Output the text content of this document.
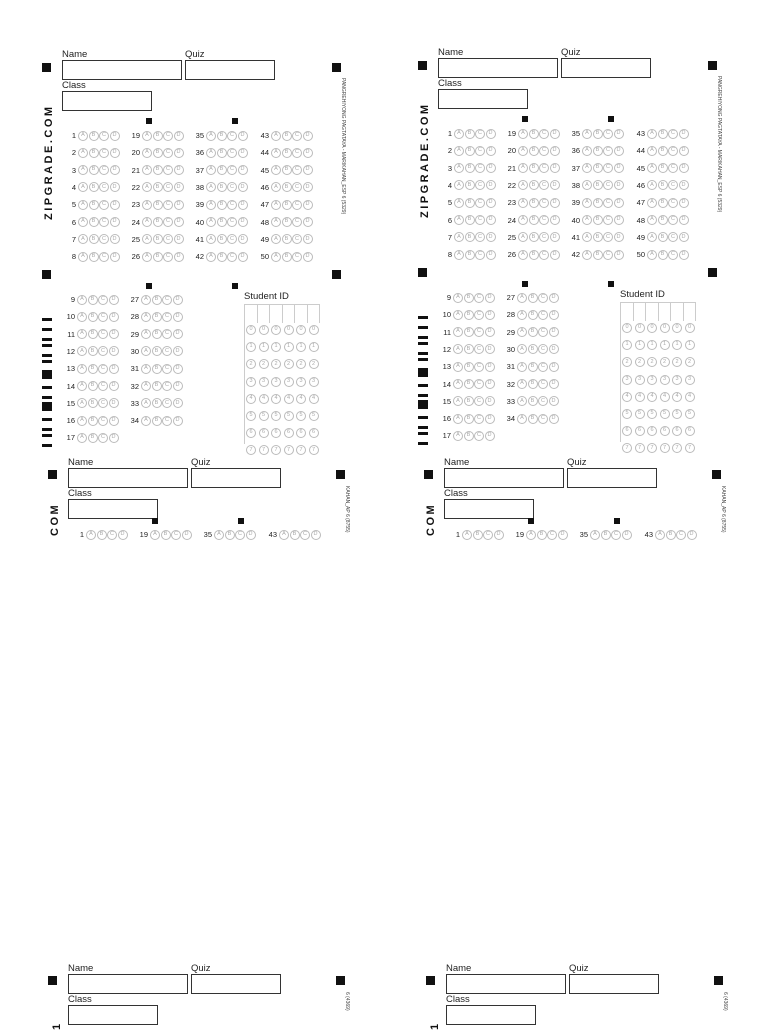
Name	Quiz
Class
ZIPGRADE.COM	PANGREHIYONG PAGTATAYA - MARIKAHAN_ESP 6 (5329)
1 A	B	C	D
2 A	B	C	D
3 A	B	C	D
4 A	B	C	D
5 A	B	C	D
6 A	B	C	D
7 A	B	C	D
8 A	B	C	D
19 A	B	C	D
20 A	B	C	D
21 A	B	C	D
22 A	B	C	D
23 A	B	C	D
24 A	B	C	D
25 A	B	C	D
26 A	B	C	D
35 A	B	C	D
36 A	B	C	D
37 A	B	C	D
38 A	B	C	D
39 A	B	C	D
40 A	B	C	D
41 A	B	C	D
42 A	B	C	D
43 A	B	C	D
44 A	B	C	D
45 A	B	C	D
46 A	B	C	D
47 A	B	C	D
48 A	B	C	D
49 A	B	C	D
50 A	B	C	D
9 A	B	C	D
10 A	B	C	D
11 A	B	C	D
12 A	B	C	D
13 A	B	C	D
14 A	B	C	D
15 A	B	C	D
16 A	B	C	D
17 A	B	C	D
27 A	B	C	D
28 A	B	C	D
29 A	B	C	D
30 A	B	C	D
31 A	B	C	D
32 A	B	C	D
33 A	B	C	D
34 A	B	C	D
Student ID
0	0	0	0	0	0
1	1	1	1	1	1
2	2	2	2	2	2
3	3	3	3	3	3
4	4	4	4	4	4
5	5	5	5	5	5
6	6	6	6	6	6
7	7	7	7	7	7
Name	Quiz
Class
ZIPGRADE.COM	PANGREHIYONG PAGTATAYA - MARIKAHAN_ESP 6 (5329)
1 A	B	C	D
2 A	B	C	D
3 A	B	C	D
4 A	B	C	D
5 A	B	C	D
6 A	B	C	D
7 A	B	C	D
8 A	B	C	D
19 A	B	C	D
20 A	B	C	D
21 A	B	C	D
22 A	B	C	D
23 A	B	C	D
24 A	B	C	D
25 A	B	C	D
26 A	B	C	D
35 A	B	C	D
36 A	B	C	D
37 A	B	C	D
38 A	B	C	D
39 A	B	C	D
40 A	B	C	D
41 A	B	C	D
42 A	B	C	D
43 A	B	C	D
44 A	B	C	D
45 A	B	C	D
46 A	B	C	D
47 A	B	C	D
48 A	B	C	D
49 A	B	C	D
50 A	B	C	D
9 A	B	C	D
10 A	B	C	D
11 A	B	C	D
12 A	B	C	D
13 A	B	C	D
14 A	B	C	D
15 A	B	C	D
16 A	B	C	D
17 A	B	C	D
27 A	B	C	D
28 A	B	C	D
29 A	B	C	D
30 A	B	C	D
31 A	B	C	D
32 A	B	C	D
33 A	B	C	D
34 A	B	C	D
Student ID
0	0	0	0	0	0
1	1	1	1	1	1
2	2	2	2	2	2
3	3	3	3	3	3
4	4	4	4	4	4
5	5	5	5	5	5
6	6	6	6	6	6
7	7	7	7	7	7
Name	Quiz
Class	KAHAN_AP 6 (8755)
COM	1 A	B	C	D	19 A	B	C	D	35 A	B	C	D	43 A	B	C	D
Name	Quiz
Class	KAHAN_AP 6 (8755)
COM	1 A	B	C	D	19 A	B	C	D	35 A	B	C	D	43 A	B	C	D
Name	Quiz
Class	6 (4369)
1
Name	Quiz
Class	6 (4369)
1
